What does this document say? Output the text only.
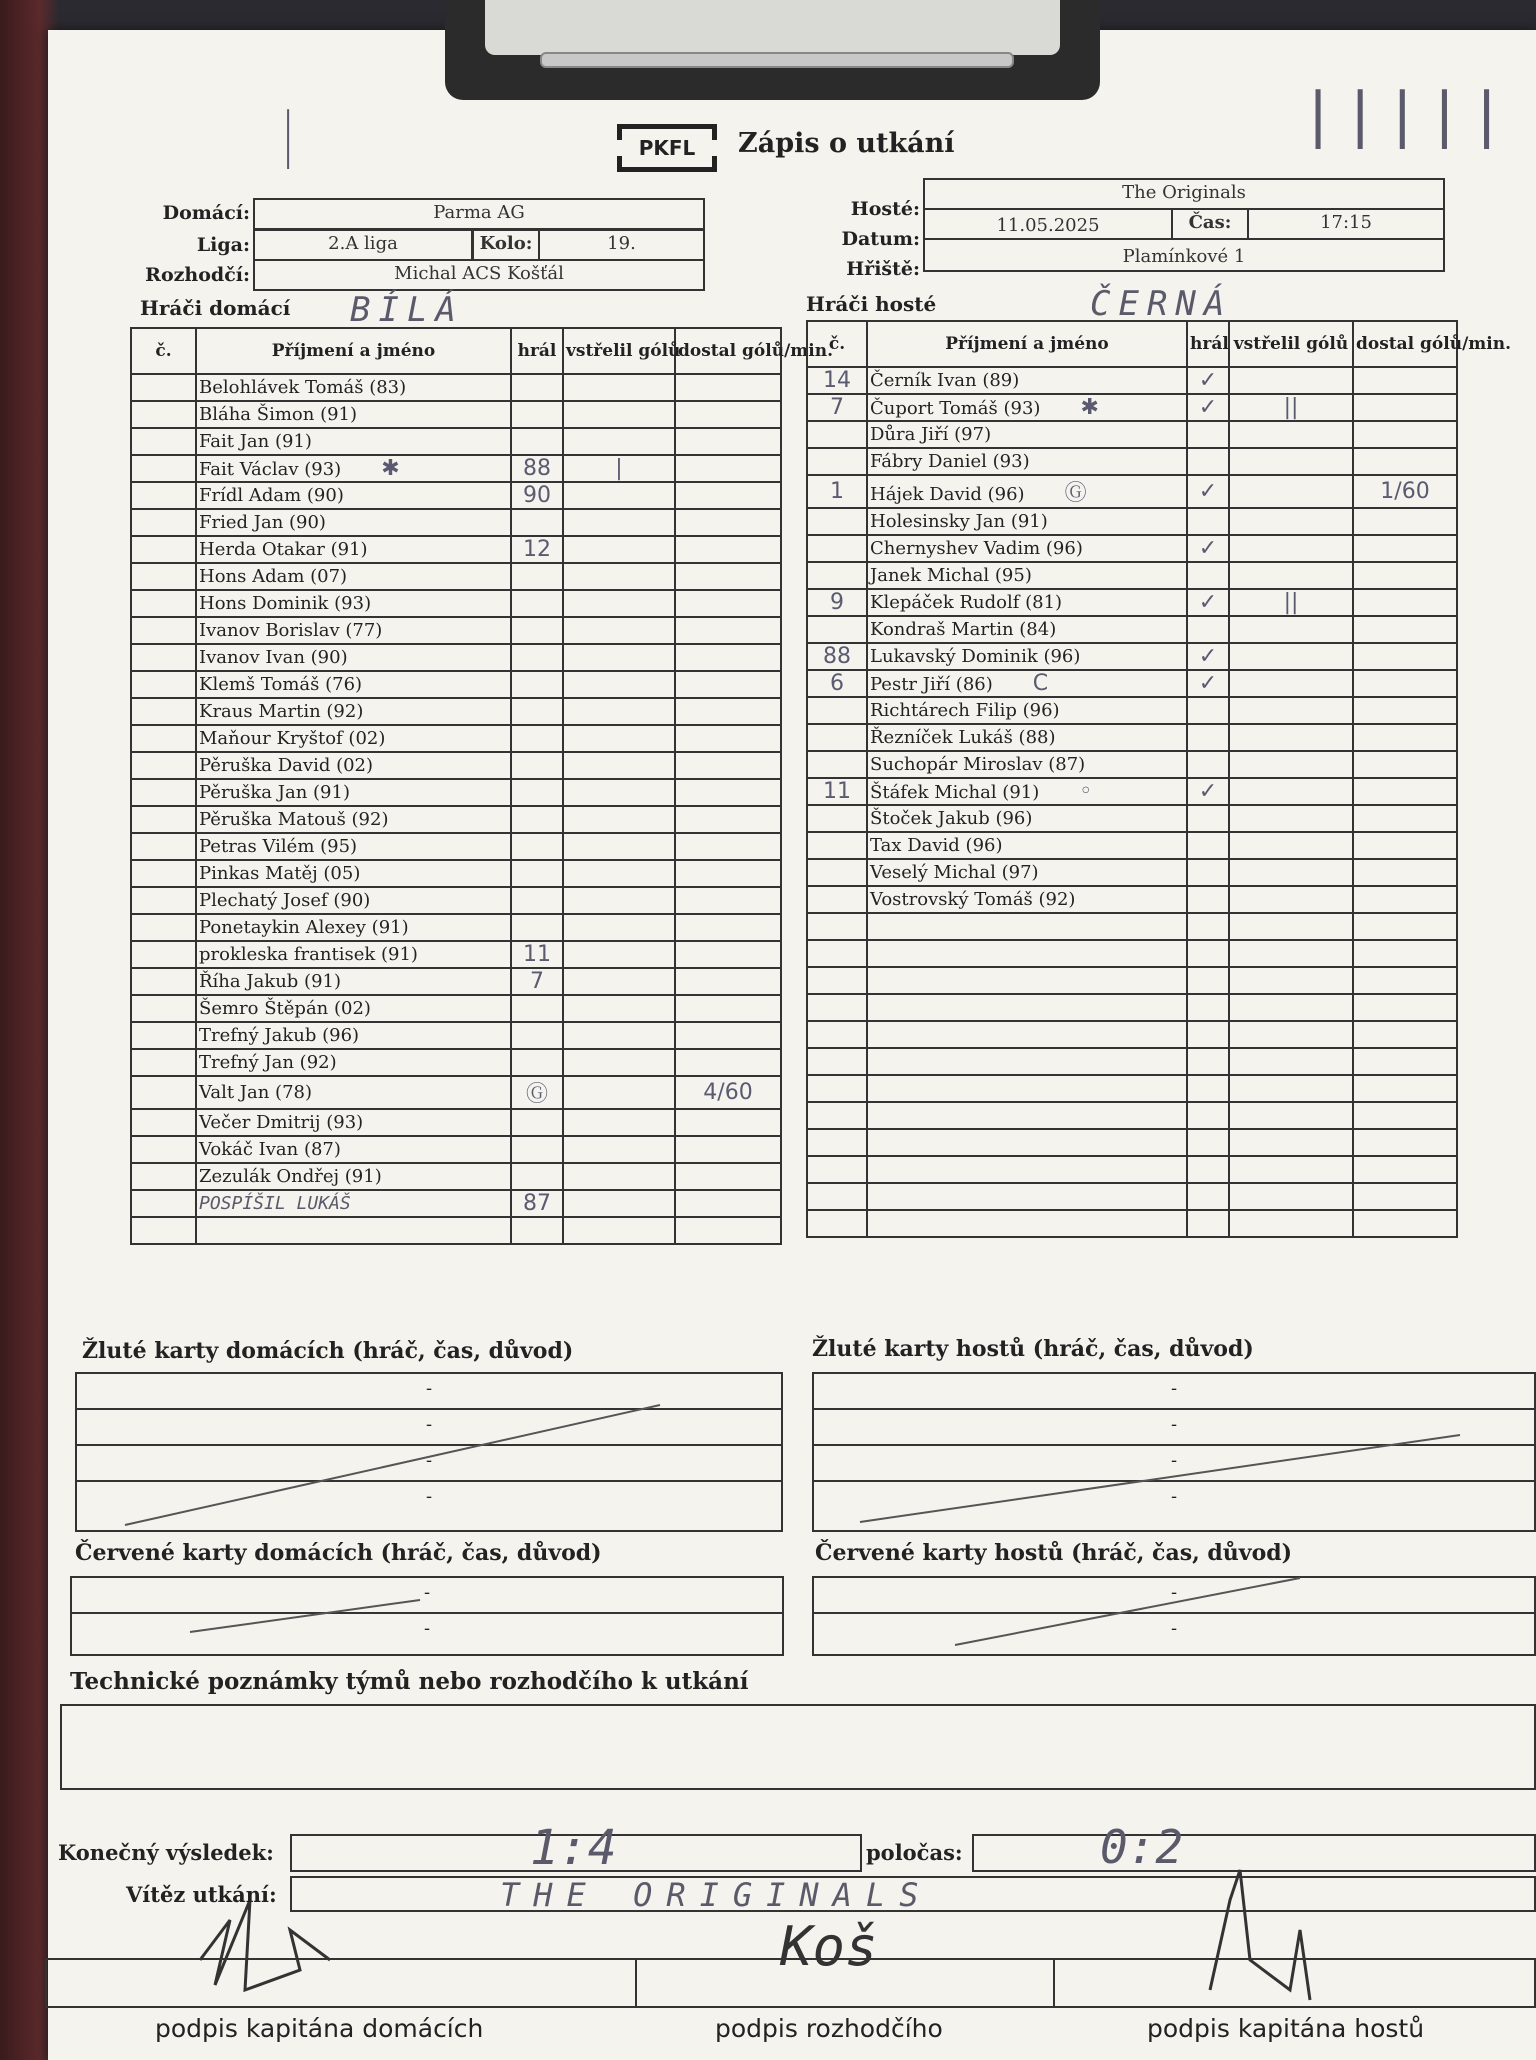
|	|||||
PKFL	Zápis o utkání
Domácí:	Parma AG
Liga:	2.A liga	Kolo:	19.
Rozhodčí:	Michal ACS Košťál
Hosté:
The Originals
Datum:
11.05.2025	Čas:	17:15
Hřiště:
Plamínkové 1
Hráči domácí BÍLÁ	Hráči hosté	ČERNÁ
č.	Příjmení a jméno	hrál	vstřelil gólů	dostal gólů/min.
	Belohlávek Tomáš (83)			
	Bláha Šimon (91)			
	Fait Jan (91)			
	Fait Václav (93) ✱	88	|	
	Frídl Adam (90)	90		
	Fried Jan (90)			
	Herda Otakar (91)	12		
	Hons Adam (07)			
	Hons Dominik (93)			
	Ivanov Borislav (77)			
	Ivanov Ivan (90)			
	Klemš Tomáš (76)			
	Kraus Martin (92)			
	Maňour Kryštof (02)			
	Pěruška David (02)			
	Pěruška Jan (91)			
	Pěruška Matouš (92)			
	Petras Vilém (95)			
	Pinkas Matěj (05)			
	Plechatý Josef (90)			
	Ponetaykin Alexey (91)			
	prokleska frantisek (91)	11		
	Říha Jakub (91)	7		
	Šemro Štěpán (02)			
	Trefný Jakub (96)			
	Trefný Jan (92)			
	Valt Jan (78)	Ⓖ		4/60
	Večer Dmitrij (93)			
	Vokáč Ivan (87)			
	Zezulák Ondřej (91)			
	POSPÍŠIL LUKÁŠ	87		

č.	Příjmení a jméno	hrál	vstřelil gólů	dostal gólů/min.
14	Černík Ivan (89)	✓		
7	Čuport Tomáš (93) ✱	✓	||	
	Důra Jiří (97)			
	Fábry Daniel (93)			
1	Hájek David (96) Ⓖ	✓		1/60
	Holesinsky Jan (91)			
	Chernyshev Vadim (96)	✓		
	Janek Michal (95)			
9	Klepáček Rudolf (81)	✓	||	
	Kondraš Martin (84)			
88	Lukavský Dominik (96)	✓		
6	Pestr Jiří (86) C	✓		
	Richtárech Filip (96)			
	Řezníček Lukáš (88)			
	Suchopár Miroslav (87)			
11	Štáfek Michal (91) ◦	✓		
	Štoček Jakub (96)			
	Tax David (96)			
	Veselý Michal (97)			
	Vostrovský Tomáš (92)			

Žluté karty domácích (hráč, čas, důvod)
-
-
-
-
Žluté karty hostů (hráč, čas, důvod)
-
-
-
-
Červené karty domácích (hráč, čas, důvod)
-
-
Červené karty hostů (hráč, čas, důvod)
-
-
Technické poznámky týmů nebo rozhodčího k utkání
Konečný výsledek:	1:4	poločas:	0:2
Vítěz utkání:	THE ORIGINALS
Koš
podpis kapitána domácích	podpis rozhodčího	podpis kapitána hostů
